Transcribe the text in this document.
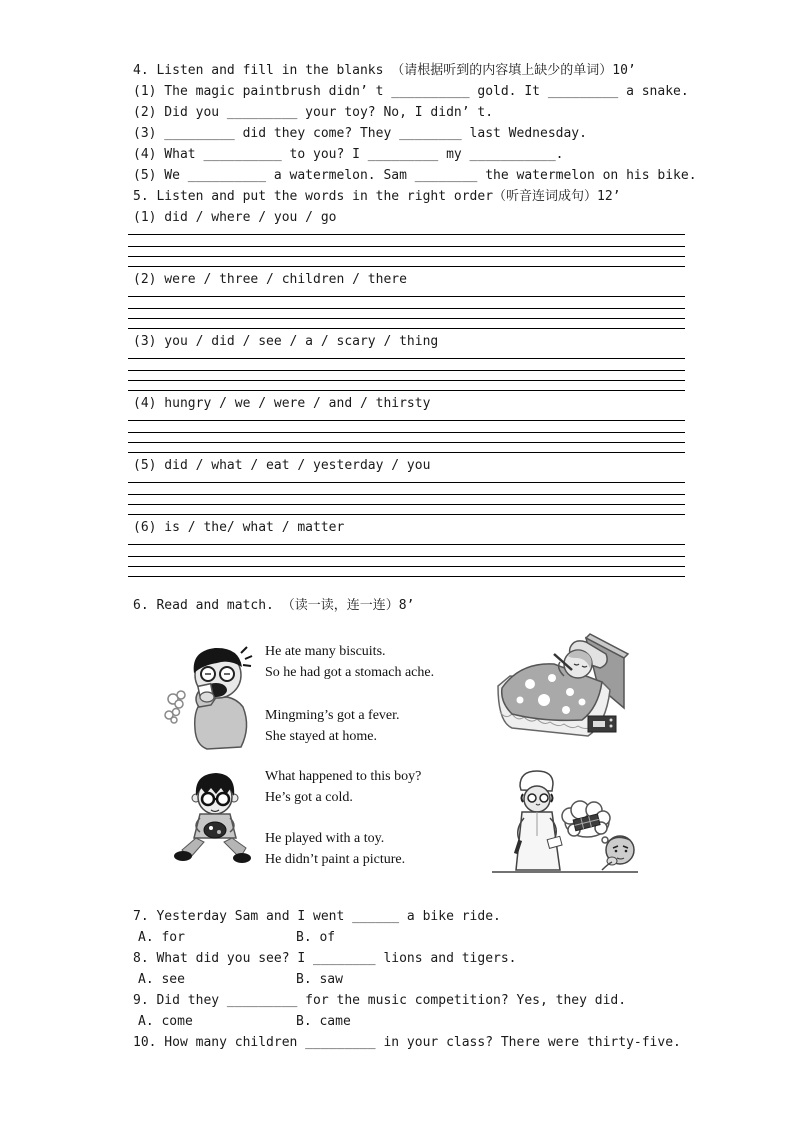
4. Listen and fill in the blanks （请根据听到的内容填上缺少的单词）10’
(1) The magic paintbrush didn’ t __________ gold. It _________ a snake.
(2) Did you _________ your toy? No, I didn’ t.
(3) _________ did they come? They ________ last Wednesday.
(4) What __________ to you? I _________ my ___________.
(5) We __________ a watermelon. Sam ________ the watermelon on his bike.
5. Listen and put the words in the right order（听音连词成句）12’
(1) did / where / you / go
(2) were / three / children / there
(3) you / did / see / a / scary / thing
(4) hungry / we / were / and / thirsty
(5) did / what / eat / yesterday / you
(6) is / the/ what / matter
6. Read and match. （读一读，连一连）8’
He ate many biscuits.
So he had got a stomach ache.
Mingming’s got a fever.
She stayed at home.
What happened to this boy?
He’s got a cold.
He played with a toy.
He didn’t paint a picture.
7. Yesterday Sam and I went ______ a bike ride.
A. for	B. of
8. What did you see? I ________ lions and tigers.
A. see	B. saw
9. Did they _________ for the music competition? Yes, they did.
A. come	B. came
10. How many children _________ in your class? There were thirty-five.
